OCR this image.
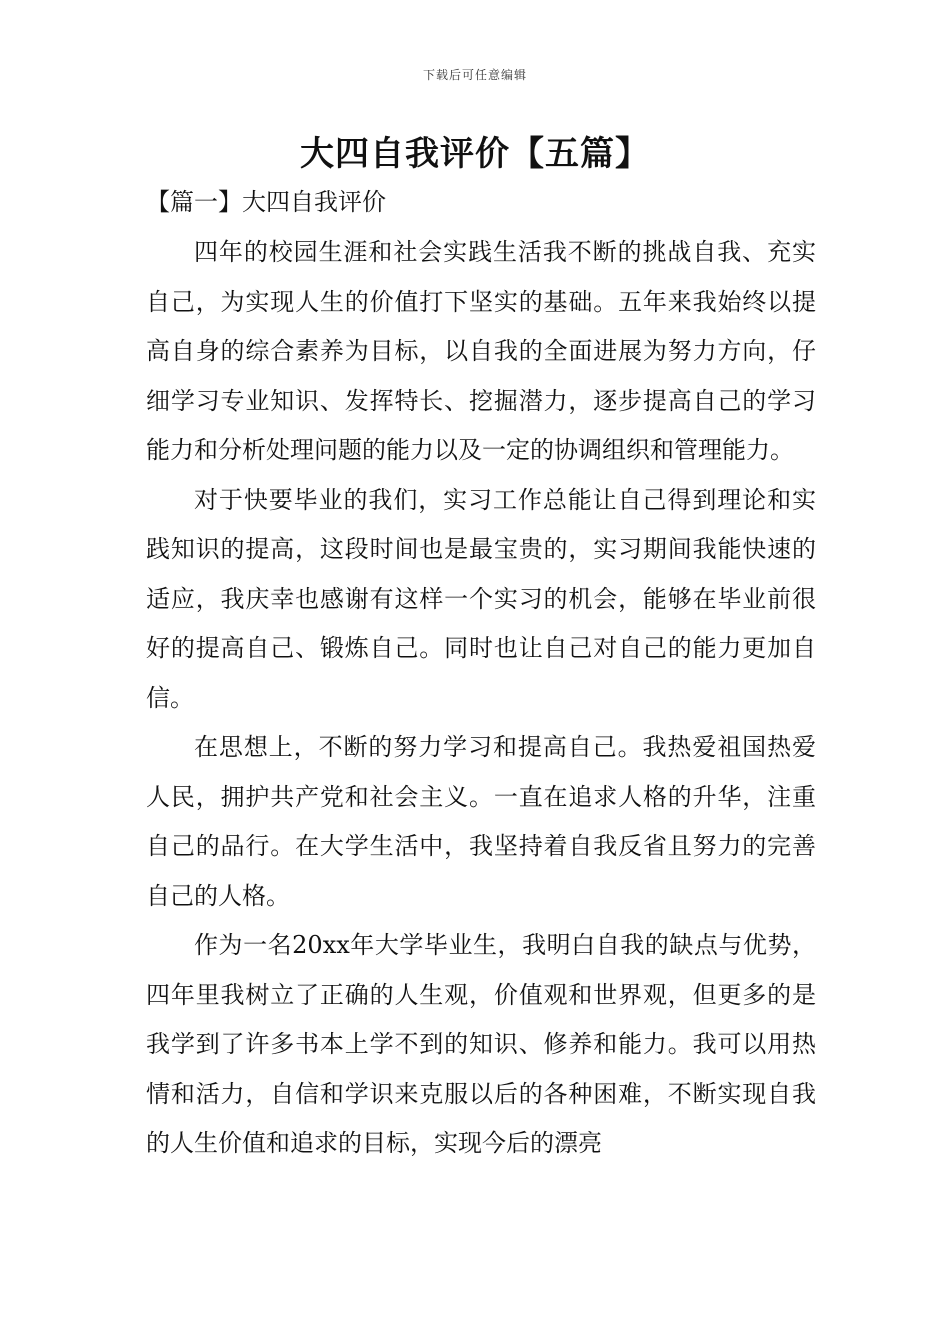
下载后可任意编辑
大四自我评价【五篇】
【篇一】大四自我评价

四年的校园生涯和社会实践生活我不断的挑战自我、充实自己，为实现人生的价值打下坚实的基础。五年来我始终以提高自身的综合素养为目标，以自我的全面进展为努力方向，仔细学习专业知识、发挥特长、挖掘潜力，逐步提高自己的学习能力和分析处理问题的能力以及一定的协调组织和管理能力。

对于快要毕业的我们，实习工作总能让自己得到理论和实践知识的提高，这段时间也是最宝贵的，实习期间我能快速的适应，我庆幸也感谢有这样一个实习的机会，能够在毕业前很好的提高自己、锻炼自己。同时也让自己对自己的能力更加自信。

在思想上，不断的努力学习和提高自己。我热爱祖国热爱人民，拥护共产党和社会主义。一直在追求人格的升华，注重自己的品行。在大学生活中，我坚持着自我反省且努力的完善自己的人格。

作为一名20xx年大学毕业生，我明白自我的缺点与优势，四年里我树立了正确的人生观，价值观和世界观，但更多的是我学到了许多书本上学不到的知识、修养和能力。我可以用热情和活力，自信和学识来克服以后的各种困难，不断实现自我的人生价值和追求的目标，实现今后的漂亮
